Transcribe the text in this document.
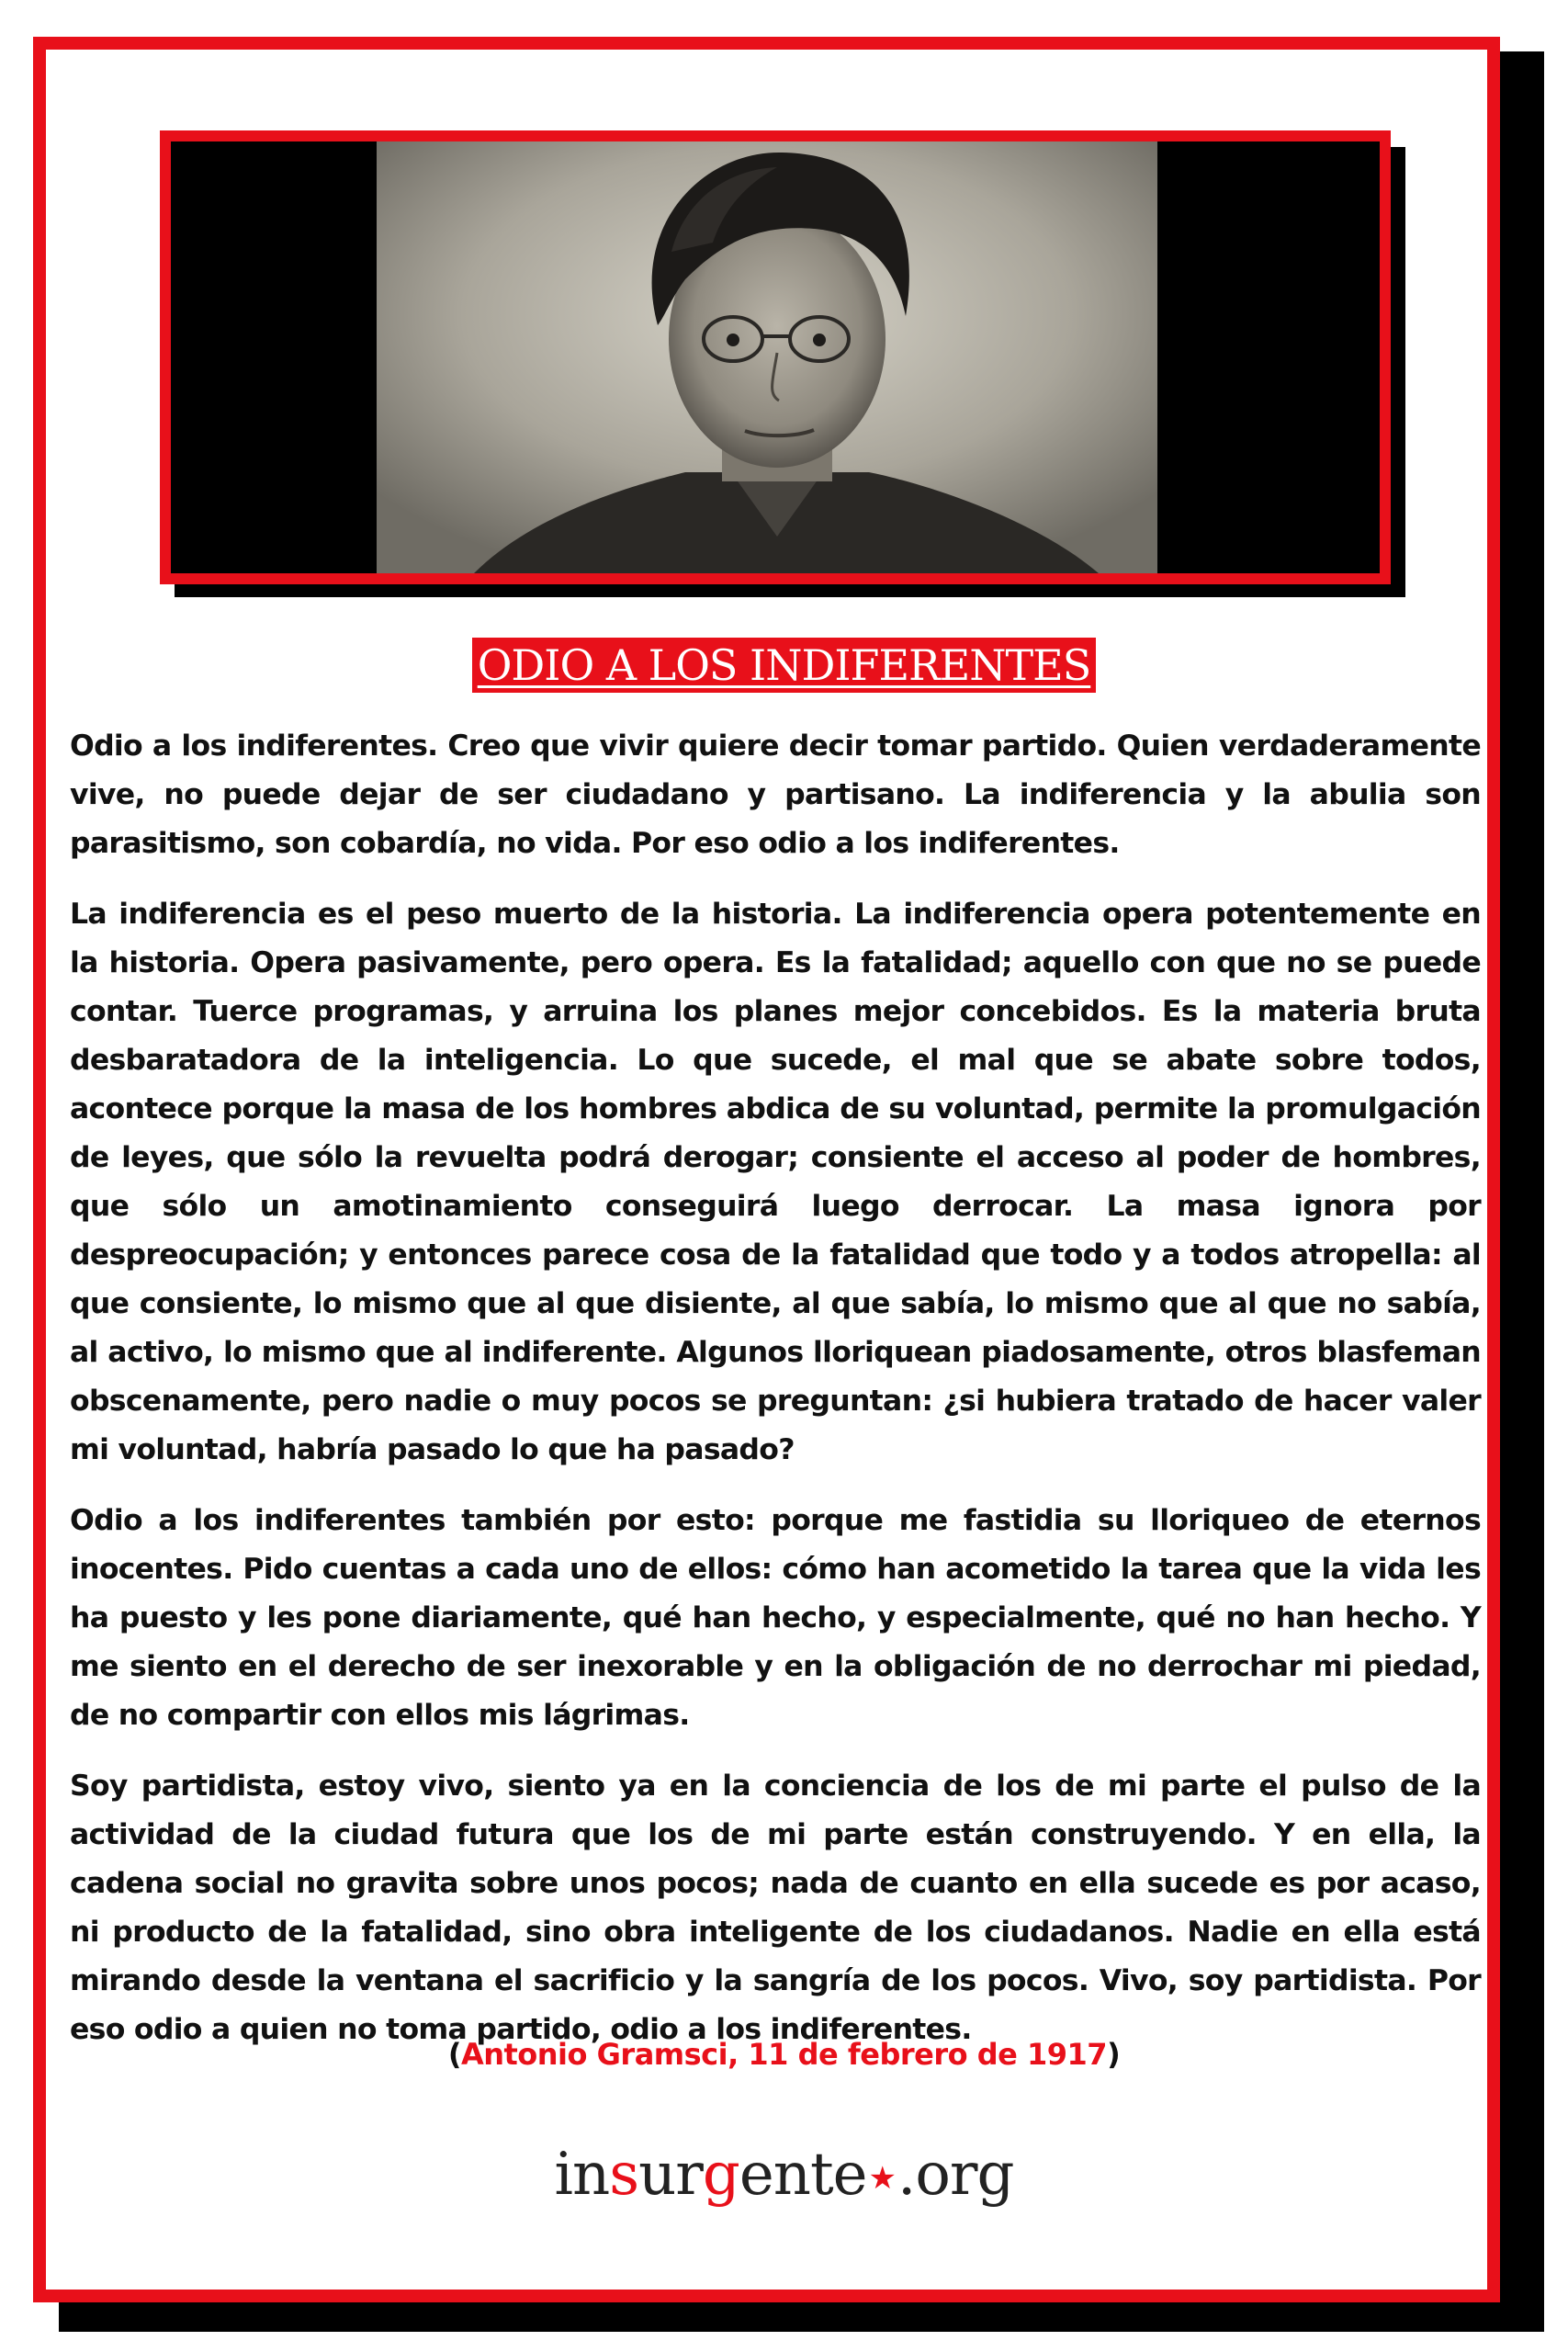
ODIO A LOS INDIFERENTES

Odio a los indiferentes. Creo que vivir quiere decir tomar partido. Quien verdaderamente vive, no puede dejar de ser ciudadano y partisano. La indiferencia y la abulia son parasitismo, son cobardía, no vida. Por eso odio a los indiferentes.

La indiferencia es el peso muerto de la historia. La indiferencia opera potentemente en la historia. Opera pasivamente, pero opera. Es la fatalidad; aquello con que no se puede contar. Tuerce programas, y arruina los planes mejor concebidos. Es la materia bruta desbaratadora de la inteligencia. Lo que sucede, el mal que se abate sobre todos, acontece porque la masa de los hombres abdica de su voluntad, permite la promulgación de leyes, que sólo la revuelta podrá derogar; consiente el acceso al poder de hombres, que sólo un amotinamiento conseguirá luego derrocar. La masa ignora por despreocupación; y entonces parece cosa de la fatalidad que todo y a todos atropella: al que consiente, lo mismo que al que disiente, al que sabía, lo mismo que al que no sabía, al activo, lo mismo que al indiferente. Algunos lloriquean piadosamente, otros blasfeman obscenamente, pero nadie o muy pocos se preguntan: ¿si hubiera tratado de hacer valer mi voluntad, habría pasado lo que ha pasado?

Odio a los indiferentes también por esto: porque me fastidia su lloriqueo de eternos inocentes. Pido cuentas a cada uno de ellos: cómo han acometido la tarea que la vida les ha puesto y les pone diariamente, qué han hecho, y especialmente, qué no han hecho. Y me siento en el derecho de ser inexorable y en la obligación de no derrochar mi piedad, de no compartir con ellos mis lágrimas.

Soy partidista, estoy vivo, siento ya en la conciencia de los de mi parte el pulso de la actividad de la ciudad futura que los de mi parte están construyendo. Y en ella, la cadena social no gravita sobre unos pocos; nada de cuanto en ella sucede es por acaso, ni producto de la fatalidad, sino obra inteligente de los ciudadanos. Nadie en ella está mirando desde la ventana el sacrificio y la sangría de los pocos. Vivo, soy partidista. Por eso odio a quien no toma partido, odio a los indiferentes.

(Antonio Gramsci, 11 de febrero de 1917)
insurgente★.org
